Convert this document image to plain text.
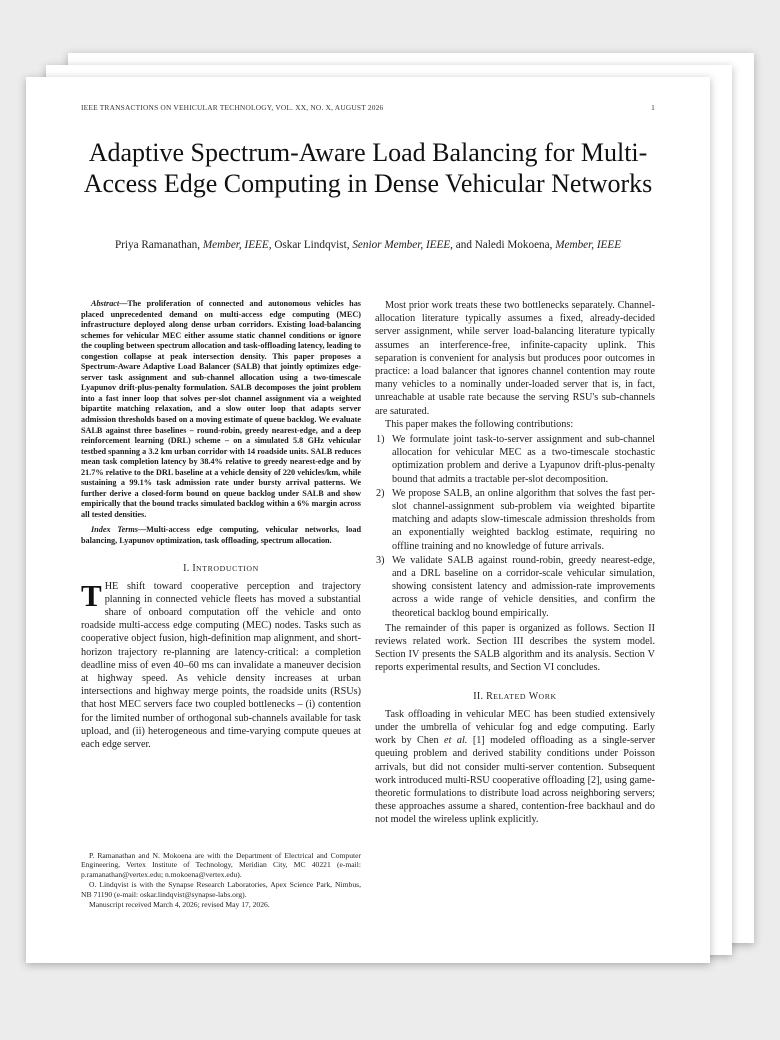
IEEE TRANSACTIONS ON VEHICULAR TECHNOLOGY, VOL. XX, NO. X, AUGUST 2026	1
Adaptive Spectrum-Aware Load Balancing for Multi-Access Edge Computing in Dense Vehicular Networks
Priya Ramanathan, Member, IEEE, Oskar Lindqvist, Senior Member, IEEE, and Naledi Mokoena, Member, IEEE

Abstract—The proliferation of connected and autonomous vehicles has placed unprecedented demand on multi-access edge computing (MEC) infrastructure deployed along dense urban corridors. Existing load-balancing schemes for vehicular MEC either assume static channel conditions or ignore the coupling between spectrum allocation and task-offloading latency, leading to congestion collapse at peak intersection density. This paper proposes a Spectrum-Aware Adaptive Load Balancer (SALB) that jointly optimizes edge-server task assignment and sub-channel allocation using a two-timescale Lyapunov drift-plus-penalty formulation. SALB decomposes the joint problem into a fast inner loop that solves per-slot channel assignment via a weighted bipartite matching relaxation, and a slow outer loop that adapts server admission thresholds based on a moving estimate of queue backlog. We evaluate SALB against three baselines – round-robin, greedy nearest-edge, and a deep reinforcement learning (DRL) scheme – on a simulated 5.8 GHz vehicular testbed spanning a 3.2 km urban corridor with 14 roadside units. SALB reduces mean task completion latency by 38.4% relative to greedy nearest-edge and by 21.7% relative to the DRL baseline at a vehicle density of 220 vehicles/km, while sustaining a 99.1% task admission rate under bursty arrival patterns. We further derive a closed-form bound on queue backlog under SALB and show empirically that the bound tracks simulated backlog within a 6% margin across all tested densities.

Index Terms—Multi-access edge computing, vehicular networks, load balancing, Lyapunov optimization, task offloading, spectrum allocation.

I. INTRODUCTION

THE shift toward cooperative perception and trajectory planning in connected vehicle fleets has moved a substantial share of onboard computation off the vehicle and onto roadside multi-access edge computing (MEC) nodes. Tasks such as cooperative object fusion, high-definition map alignment, and short-horizon trajectory re-planning are latency-critical: a completion deadline miss of even 40–60 ms can invalidate a maneuver decision at highway speed. As vehicle density increases at urban intersections and highway merge points, the roadside units (RSUs) that host MEC servers face two coupled bottlenecks – (i) contention for the limited number of orthogonal sub-channels available for task upload, and (ii) heterogeneous and time-varying compute queues at each edge server.

P. Ramanathan and N. Mokoena are with the Department of Electrical and Computer Engineering, Vertex Institute of Technology, Meridian City, MC 40221 (e-mail: p.ramanathan@vertex.edu; n.mokoena@vertex.edu).

O. Lindqvist is with the Synapse Research Laboratories, Apex Science Park, Nimbus, NB 71190 (e-mail: oskar.lindqvist@synapse-labs.org).

Manuscript received March 4, 2026; revised May 17, 2026.

Most prior work treats these two bottlenecks separately. Channel-allocation literature typically assumes a fixed, already-decided server assignment, while server load-balancing literature typically assumes an interference-free, infinite-capacity uplink. This separation is convenient for analysis but produces poor outcomes in practice: a load balancer that ignores channel contention may route many vehicles to a nominally under-loaded server that is, in fact, unreachable at usable rate because the serving RSU's sub-channels are saturated.

This paper makes the following contributions:

1) We formulate joint task-to-server assignment and sub-channel allocation for vehicular MEC as a two-timescale stochastic optimization problem and derive a Lyapunov drift-plus-penalty bound that admits a tractable per-slot decomposition.
2) We propose SALB, an online algorithm that solves the fast per-slot channel-assignment sub-problem via weighted bipartite matching and adapts slow-timescale admission thresholds from an exponentially weighted backlog estimate, requiring no offline training and no knowledge of future arrivals.
3) We validate SALB against round-robin, greedy nearest-edge, and a DRL baseline on a corridor-scale vehicular simulation, showing consistent latency and admission-rate improvements across a wide range of vehicle densities, and confirm the theoretical backlog bound empirically.

The remainder of this paper is organized as follows. Section II reviews related work. Section III describes the system model. Section IV presents the SALB algorithm and its analysis. Section V reports experimental results, and Section VI concludes.

II. RELATED WORK

Task offloading in vehicular MEC has been studied extensively under the umbrella of vehicular fog and edge computing. Early work by Chen et al. [1] modeled offloading as a single-server queuing problem and derived stability conditions under Poisson arrivals, but did not consider multi-server contention. Subsequent work introduced multi-RSU cooperative offloading [2], using game-theoretic formulations to distribute load across neighboring servers; these approaches assume a shared, contention-free backhaul and do not model the wireless uplink explicitly.
